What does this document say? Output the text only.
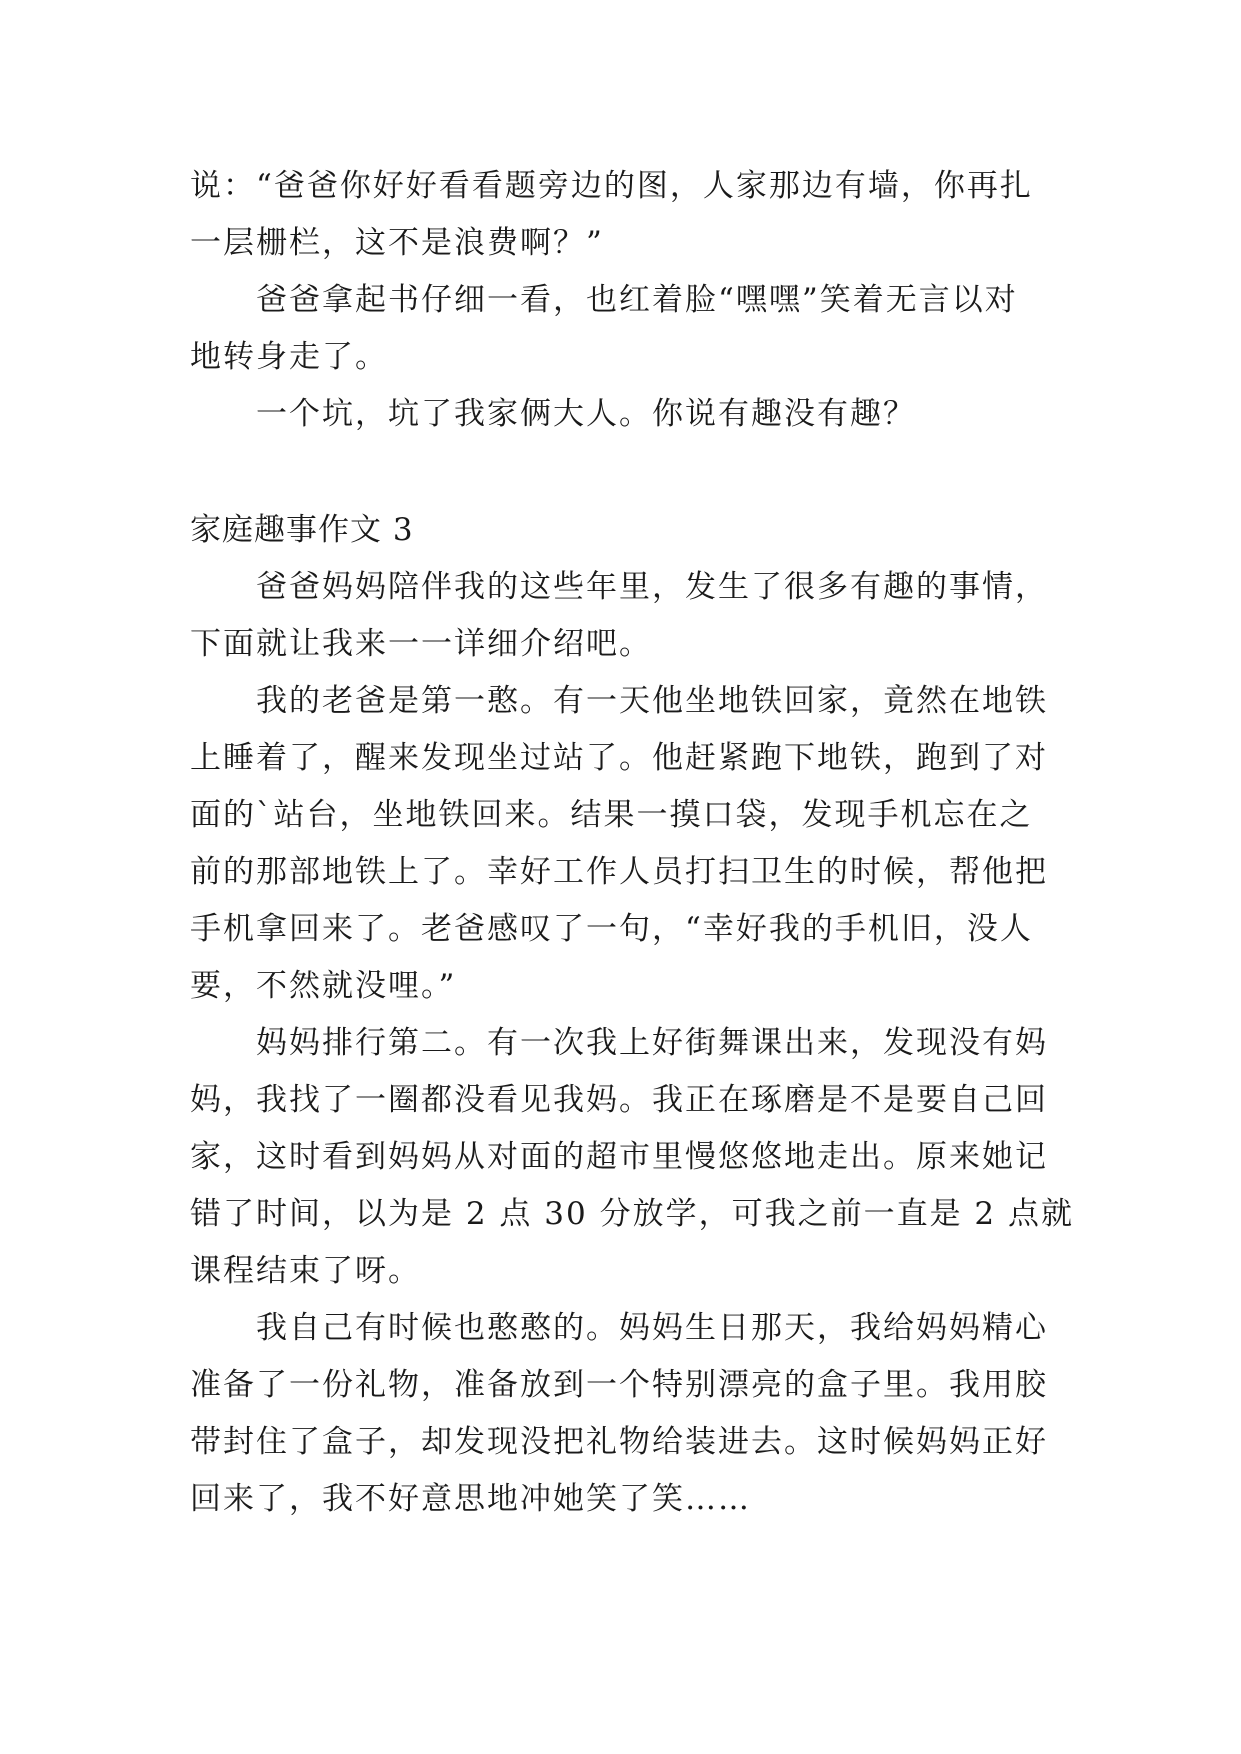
说：“爸爸你好好看看题旁边的图，人家那边有墙，你再扎
一层栅栏，这不是浪费啊？”

爸爸拿起书仔细一看，也红着脸“嘿嘿”笑着无言以对
地转身走了。

一个坑，坑了我家俩大人。你说有趣没有趣？

家庭趣事作文 3

爸爸妈妈陪伴我的这些年里，发生了很多有趣的事情，
下面就让我来一一详细介绍吧。

我的老爸是第一憨。有一天他坐地铁回家，竟然在地铁
上睡着了，醒来发现坐过站了。他赶紧跑下地铁，跑到了对
面的`站台，坐地铁回来。结果一摸口袋，发现手机忘在之
前的那部地铁上了。幸好工作人员打扫卫生的时候，帮他把
手机拿回来了。老爸感叹了一句，“幸好我的手机旧，没人
要，不然就没哩。”

妈妈排行第二。有一次我上好街舞课出来，发现没有妈
妈，我找了一圈都没看见我妈。我正在琢磨是不是要自己回
家，这时看到妈妈从对面的超市里慢悠悠地走出。原来她记
错了时间，以为是 2 点 30 分放学，可我之前一直是 2 点就
课程结束了呀。

我自己有时候也憨憨的。妈妈生日那天，我给妈妈精心
准备了一份礼物，准备放到一个特别漂亮的盒子里。我用胶
带封住了盒子，却发现没把礼物给装进去。这时候妈妈正好
回来了，我不好意思地冲她笑了笑……
